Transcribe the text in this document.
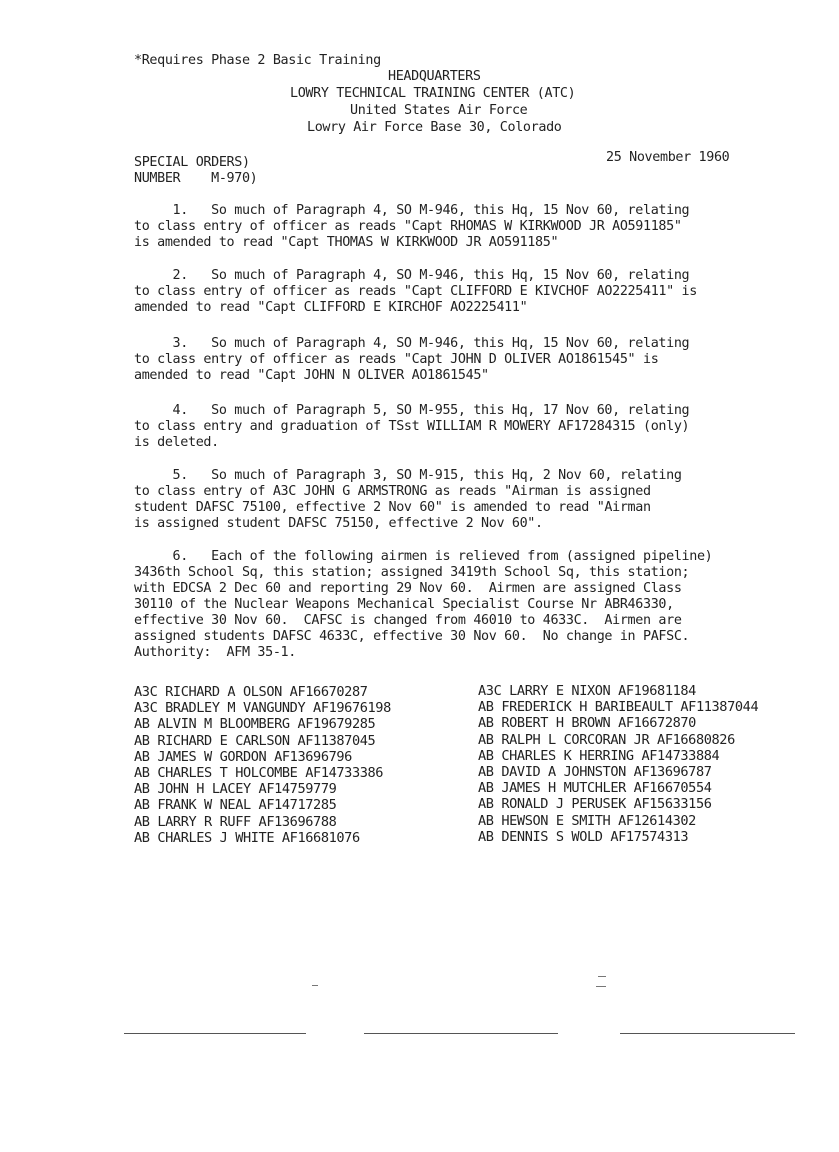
*Requires Phase 2 Basic Training
HEADQUARTERS
LOWRY TECHNICAL TRAINING CENTER (ATC)
United States Air Force
Lowry Air Force Base 30, Colorado
SPECIAL ORDERS)
NUMBER    M-970)
25 November 1960
1.   So much of Paragraph 4, SO M-946, this Hq, 15 Nov 60, relating
to class entry of officer as reads "Capt RHOMAS W KIRKWOOD JR AO591185"
is amended to read "Capt THOMAS W KIRKWOOD JR AO591185"
2.   So much of Paragraph 4, SO M-946, this Hq, 15 Nov 60, relating
to class entry of officer as reads "Capt CLIFFORD E KIVCHOF AO2225411" is
amended to read "Capt CLIFFORD E KIRCHOF AO2225411"
3.   So much of Paragraph 4, SO M-946, this Hq, 15 Nov 60, relating
to class entry of officer as reads "Capt JOHN D OLIVER AO1861545" is
amended to read "Capt JOHN N OLIVER AO1861545"
4.   So much of Paragraph 5, SO M-955, this Hq, 17 Nov 60, relating
to class entry and graduation of TSst WILLIAM R MOWERY AF17284315 (only)
is deleted.
5.   So much of Paragraph 3, SO M-915, this Hq, 2 Nov 60, relating
to class entry of A3C JOHN G ARMSTRONG as reads "Airman is assigned
student DAFSC 75100, effective 2 Nov 60" is amended to read "Airman
is assigned student DAFSC 75150, effective 2 Nov 60".
6.   Each of the following airmen is relieved from (assigned pipeline)
3436th School Sq, this station; assigned 3419th School Sq, this station;
with EDCSA 2 Dec 60 and reporting 29 Nov 60.  Airmen are assigned Class
30110 of the Nuclear Weapons Mechanical Specialist Course Nr ABR46330,
effective 30 Nov 60.  CAFSC is changed from 46010 to 4633C.  Airmen are
assigned students DAFSC 4633C, effective 30 Nov 60.  No change in PAFSC.
Authority:  AFM 35-1.
A3C RICHARD A OLSON AF16670287
A3C BRADLEY M VANGUNDY AF19676198
AB ALVIN M BLOOMBERG AF19679285
AB RICHARD E CARLSON AF11387045
AB JAMES W GORDON AF13696796
AB CHARLES T HOLCOMBE AF14733386
AB JOHN H LACEY AF14759779
AB FRANK W NEAL AF14717285
AB LARRY R RUFF AF13696788
AB CHARLES J WHITE AF16681076
A3C LARRY E NIXON AF19681184
AB FREDERICK H BARIBEAULT AF11387044
AB ROBERT H BROWN AF16672870
AB RALPH L CORCORAN JR AF16680826
AB CHARLES K HERRING AF14733884
AB DAVID A JOHNSTON AF13696787
AB JAMES H MUTCHLER AF16670554
AB RONALD J PERUSEK AF15633156
AB HEWSON E SMITH AF12614302
AB DENNIS S WOLD AF17574313
